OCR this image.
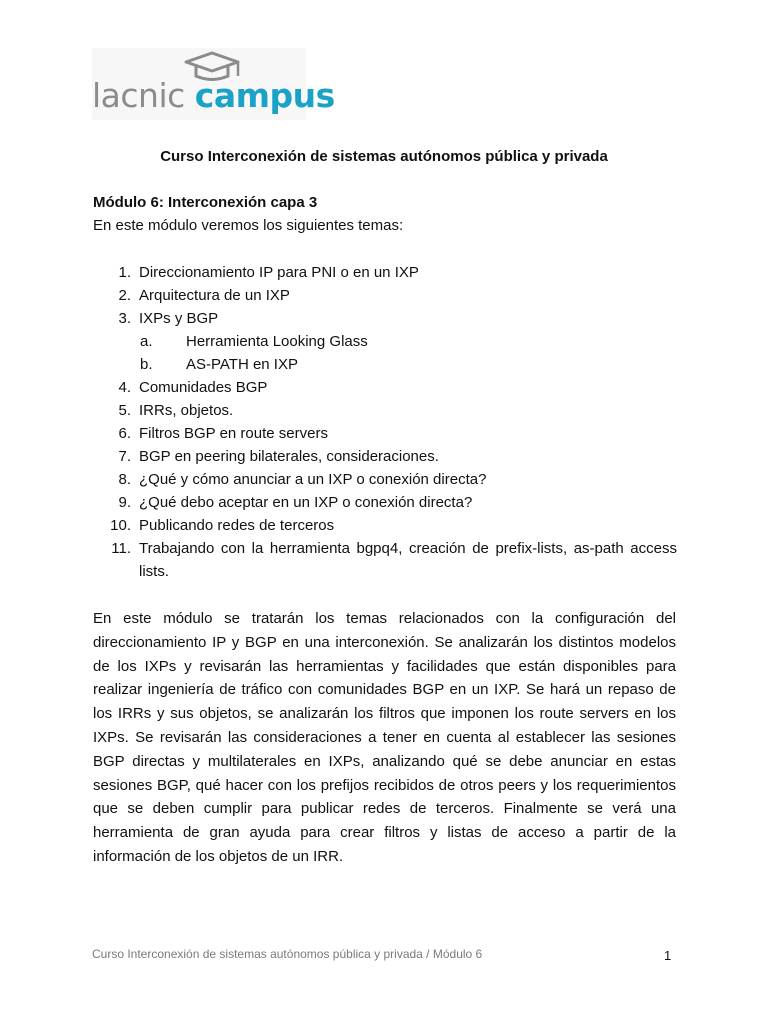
lacnic campus

Curso Interconexión de sistemas autónomos pública y privada

Módulo 6: Interconexión capa 3

En este módulo veremos los siguientes temas:

1. Direccionamiento IP para PNI o en un IXP
2. Arquitectura de un IXP
3. IXPs y BGP
a. Herramienta Looking Glass
b. AS-PATH en IXP
4. Comunidades BGP
5. IRRs, objetos.
6. Filtros BGP en route servers
7. BGP en peering bilaterales, consideraciones.
8. ¿Qué y cómo anunciar a un IXP o conexión directa?
9. ¿Qué debo aceptar en un IXP o conexión directa?
10. Publicando redes de terceros
11. Trabajando con la herramienta bgpq4, creación de prefix-lists, as-path access lists.

En este módulo se tratarán los temas relacionados con la configuración del direccionamiento IP y BGP en una interconexión. Se analizarán los distintos modelos de los IXPs y revisarán las herramientas y facilidades que están disponibles para realizar ingeniería de tráfico con comunidades BGP en un IXP. Se hará un repaso de los IRRs y sus objetos, se analizarán los filtros que imponen los route servers en los IXPs. Se revisarán las consideraciones a tener en cuenta al establecer las sesiones BGP directas y multilaterales en IXPs, analizando qué se debe anunciar en estas sesiones BGP, qué hacer con los prefijos recibidos de otros peers y los requerimientos que se deben cumplir para publicar redes de terceros. Finalmente se verá una herramienta de gran ayuda para crear filtros y listas de acceso a partir de la información de los objetos de un IRR.

Curso Interconexión de sistemas autónomos pública y privada / Módulo 6	1
